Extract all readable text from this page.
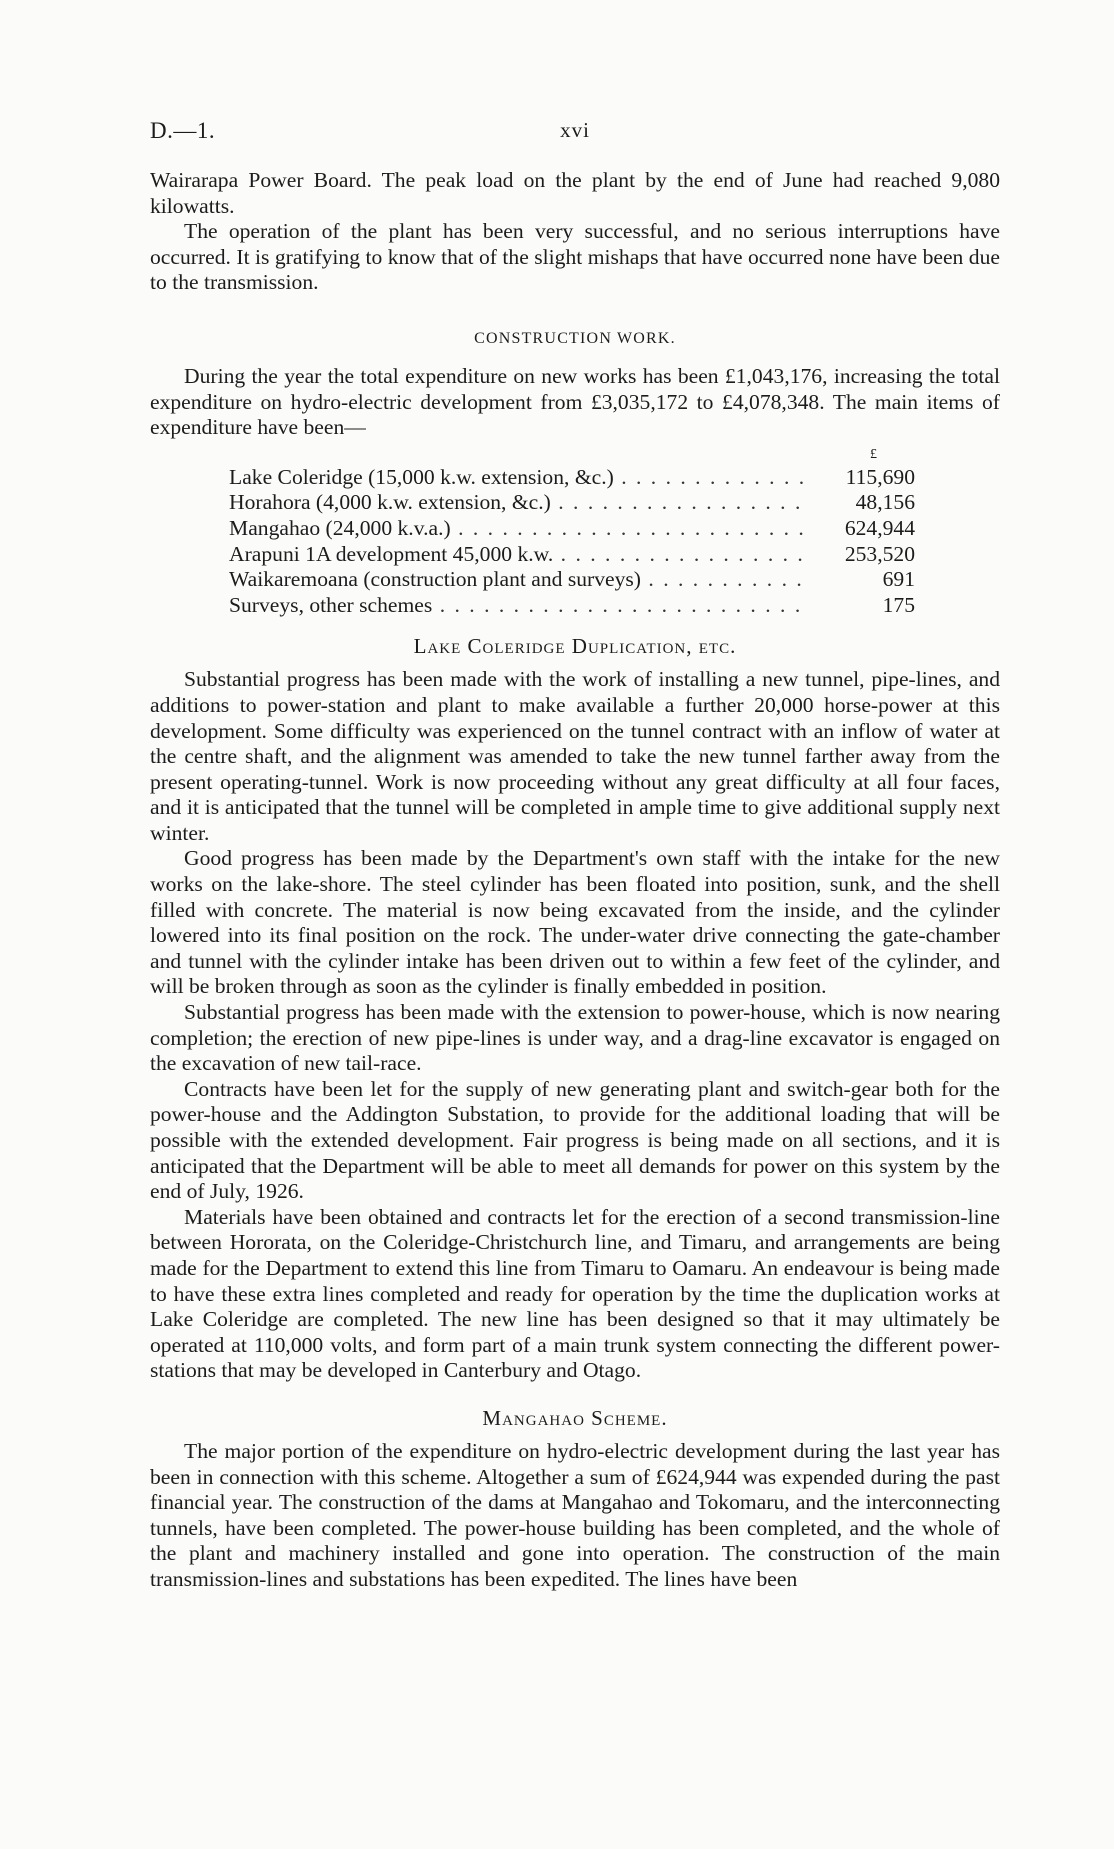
D.—1.	xvi

Wairarapa Power Board. The peak load on the plant by the end of June had reached 9,080 kilowatts.

The operation of the plant has been very successful, and no serious interruptions have occurred. It is gratifying to know that of the slight mishaps that have occurred none have been due to the transmission.

CONSTRUCTION WORK.

During the year the total expenditure on new works has been £1,043,176, increasing the total expenditure on hydro-electric development from £3,035,172 to £4,078,348. The main items of expenditure have been—

£
Lake Coleridge (15,000 k.w. extension, &c.) . .	115,690
Horahora (4,000 k.w. extension, &c.) . .	48,156
Mangahao (24,000 k.v.a.) . .	624,944
Arapuni 1A development 45,000 k.w. . .	253,520
Waikaremoana (construction plant and surveys) . .	691
Surveys, other schemes . .	175
Lake Coleridge Duplication, etc.

Substantial progress has been made with the work of installing a new tunnel, pipe-lines, and additions to power-station and plant to make available a further 20,000 horse-power at this development. Some difficulty was experienced on the tunnel contract with an inflow of water at the centre shaft, and the alignment was amended to take the new tunnel farther away from the present operating-tunnel. Work is now proceeding without any great difficulty at all four faces, and it is anticipated that the tunnel will be completed in ample time to give additional supply next winter.

Good progress has been made by the Department's own staff with the intake for the new works on the lake-shore. The steel cylinder has been floated into position, sunk, and the shell filled with concrete. The material is now being excavated from the inside, and the cylinder lowered into its final position on the rock. The under-water drive connecting the gate-chamber and tunnel with the cylinder intake has been driven out to within a few feet of the cylinder, and will be broken through as soon as the cylinder is finally embedded in position.

Substantial progress has been made with the extension to power-house, which is now nearing completion; the erection of new pipe-lines is under way, and a drag-line excavator is engaged on the excavation of new tail-race.

Contracts have been let for the supply of new generating plant and switch-gear both for the power-house and the Addington Substation, to provide for the additional loading that will be possible with the extended development. Fair progress is being made on all sections, and it is anticipated that the Department will be able to meet all demands for power on this system by the end of July, 1926.

Materials have been obtained and contracts let for the erection of a second transmission-line between Hororata, on the Coleridge-Christchurch line, and Timaru, and arrangements are being made for the Department to extend this line from Timaru to Oamaru. An endeavour is being made to have these extra lines completed and ready for operation by the time the duplication works at Lake Coleridge are completed. The new line has been designed so that it may ultimately be operated at 110,000 volts, and form part of a main trunk system connecting the different power-stations that may be developed in Canterbury and Otago.

Mangahao Scheme.

The major portion of the expenditure on hydro-electric development during the last year has been in connection with this scheme. Altogether a sum of £624,944 was expended during the past financial year. The construction of the dams at Mangahao and Tokomaru, and the interconnecting tunnels, have been completed. The power-house building has been completed, and the whole of the plant and machinery installed and gone into operation. The construction of the main transmission-lines and substations has been expedited. The lines have been
